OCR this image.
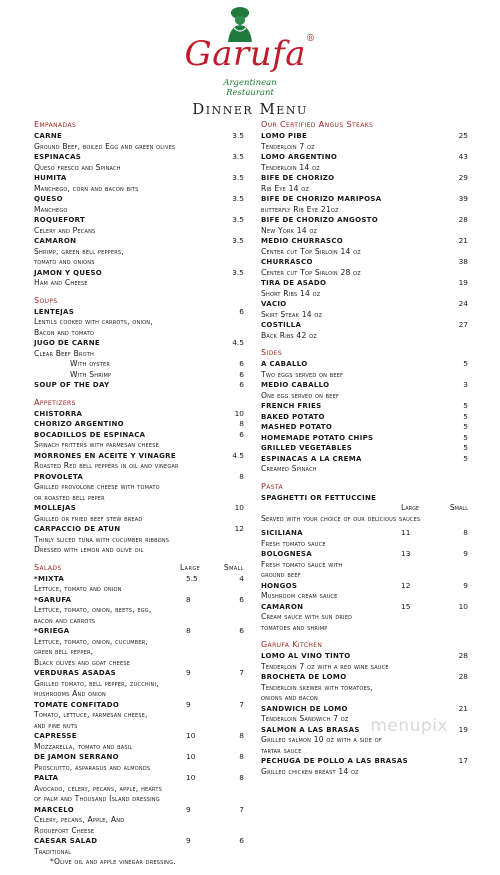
Garufa®
Argentinean
Restaurant
Dinner Menu
Empanadas
CARNE	3.5
Ground Beef, boiled Egg and green olives
ESPINACAS	3.5
Queso fresco and Spinach
HUMITA	3.5
Manchego, corn and bacon bits
QUESO	3.5
Manchego
ROQUEFORT	3.5
Celery and Pecans
CAMARON	3.5
Shrimp, green bell peppers,
tomato and onions
JAMON Y QUESO	3.5
Ham and Cheese
Soups
LENTEJAS	6
Lentils cooked with carrots, onion,
Bacon and tomato
JUGO DE CARNE	4.5
Clear Beef Broth
With oyster	6
With Shrimp	6
SOUP OF THE DAY	6
Appetizers
CHISTORRA	10
CHORIZO ARGENTINO	8
BOCADILLOS DE ESPINACA	6
Spinach fritters with parmesan cheese
MORRONES EN ACEITE Y VINAGRE	4.5
Roasted Red bell peppers in oil and vinegar
PROVOLETA	8
Grilled provolone cheese with tomato
or roasted bell peper
MOLLEJAS	10
Grilled or fried beef stew bread
CARPACCIO DE ATUN	12
Thinly sliced tuna with cucumber ribbons
Dressed with lemon and olive oil
Salads	Large	Small
*MIXTA	5.5	4
Lettuce, tomato and onion
*GARUFA	8	6
Lettuce, tomato, onion, beets, egg,
bacon and carrots
*GRIEGA	8	6
Lettuce, tomato, onion, cucumber,
green bell pepper,
Black olives and goat cheese
VERDURAS ASADAS	9	7
Grilled tomato, bell pepper, zucchini,
mushrooms And onion
TOMATE CONFITADO	9	7
Tomato, lettuce, parmesan cheese,
and pine nuts
CAPRESSE	10	8
Mozzarella, tomato and basil
DE JAMON SERRANO	10	8
Prosciutto, asparagus and almonds
PALTA	10	8
Avocado, celery, pecans, apple, hearts
of palm and Thousand Island dressing
MARCELO	9	7
Celery, pecans, Apple, And
Roquefort Cheese
CAESAR SALAD	9	6
Traditional
*Olive oil and apple vinegar dressing.
Our Certified Angus Steaks
LOMO PIBE	25
Tenderloin 7 oz
LOMO ARGENTINO	43
Tenderloin 14 oz
BIFE DE CHORIZO	29
Rib Eye 14 oz
BIFE DE CHORIZO MARIPOSA	39
butterfly Rib Eye 21oz
BIFE DE CHORIZO ANGOSTO	28
New York 14 oz
MEDIO CHURRASCO	21
Center cut Top Sirloin 14 oz
CHURRASCO	38
Center cut Top Sirloin 28 oz
TIRA DE ASADO	19
Short Ribs 14 oz
VACIO	24
Skirt Steak 14 oz
COSTILLA	27
Back Ribs 42 oz
Sides
A CABALLO	5
Two eggs served on beef
MEDIO CABALLO	3
One egg served on beef
FRENCH FRIES	5
BAKED POTATO	5
MASHED POTATO	5
HOMEMADE POTATO CHIPS	5
GRILLED VEGETABLES	5
ESPINACAS A LA CREMA	5
Creamed Spinach
Pasta
SPAGHETTI OR FETTUCCINE
Large	Small
Served with your choice of our delicious sauces
SICILIANA	11	8
Fresh tomato sauce
BOLOGNESA	13	9
Fresh tomato sauce with
ground beef
HONGOS	12	9
Mushroom cream sauce
CAMARON	15	10
Cream sauce with sun dried
tomatoes and shrimp
Garufa Kitchen
LOMO AL VINO TINTO	28
Tenderloin 7 oz with a red wine sauce
BROCHETA DE LOMO	28
Tenderloin skewer with tomatoes,
onions and bacon
SANDWICH DE LOMO	21
Tenderloin Sandwich 7 oz
SALMON A LAS BRASAS	19
Grilled salmon 10 oz with a side of
tartar sauce
PECHUGA DE POLLO A LAS BRASAS	17
Grilled chicken breast 14 oz
menupix
